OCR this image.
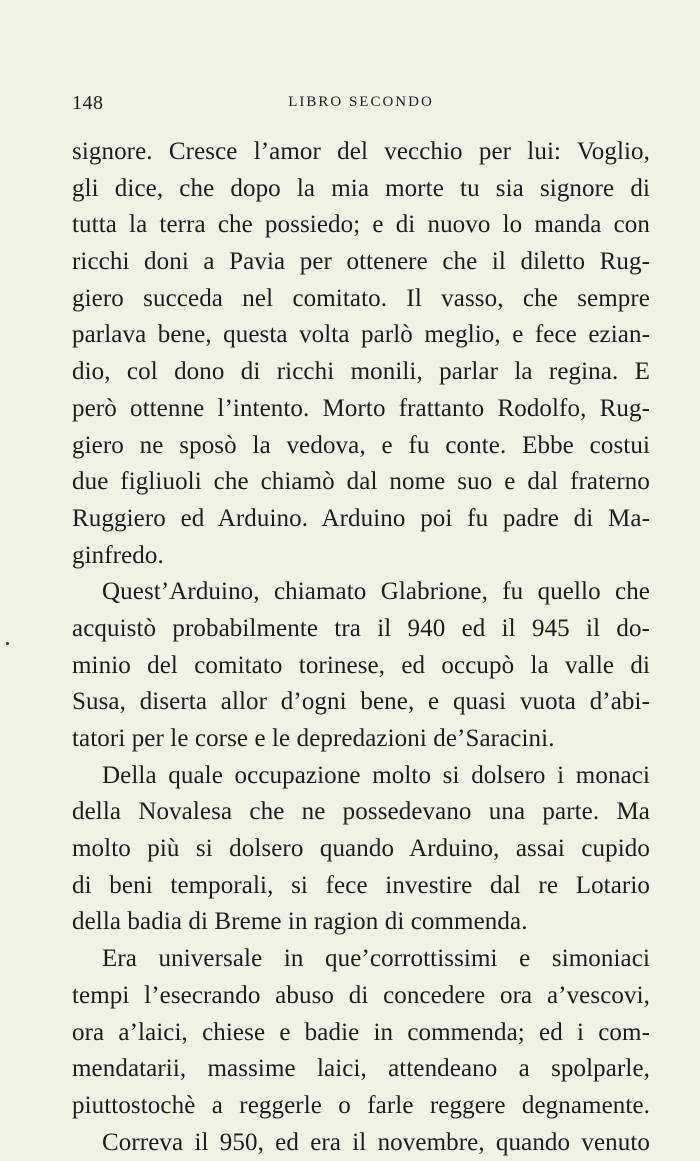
148	LIBRO SECONDO
signore. Cresce l’amor del vecchio per lui: Voglio,
gli dice, che dopo la mia morte tu sia signore di
tutta la terra che possiedo; e di nuovo lo manda con
ricchi doni a Pavia per ottenere che il diletto Rug-
giero succeda nel comitato. Il vasso, che sempre
parlava bene, questa volta parlò meglio, e fece ezian-
dio, col dono di ricchi monili, parlar la regina. E
però ottenne l’intento. Morto frattanto Rodolfo, Rug-
giero ne sposò la vedova, e fu conte. Ebbe costui
due figliuoli che chiamò dal nome suo e dal fraterno
Ruggiero ed Arduino. Arduino poi fu padre di Ma-
ginfredo.
Quest’Arduino, chiamato Glabrione, fu quello che
acquistò probabilmente tra il 940 ed il 945 il do-
minio del comitato torinese, ed occupò la valle di
Susa, diserta allor d’ogni bene, e quasi vuota d’abi-
tatori per le corse e le depredazioni de’Saracini.
Della quale occupazione molto si dolsero i monaci
della Novalesa che ne possedevano una parte. Ma
molto più si dolsero quando Arduino, assai cupido
di beni temporali, si fece investire dal re Lotario
della badia di Breme in ragion di commenda.
Era universale in que’corrottissimi e simoniaci
tempi l’esecrando abuso di concedere ora a’vescovi,
ora a’laici, chiese e badie in commenda; ed i com-
mendatarii, massime laici, attendeano a spolparle,
piuttostochè a reggerle o farle reggere degnamente.
Correva il 950, ed era il novembre, quando venuto
